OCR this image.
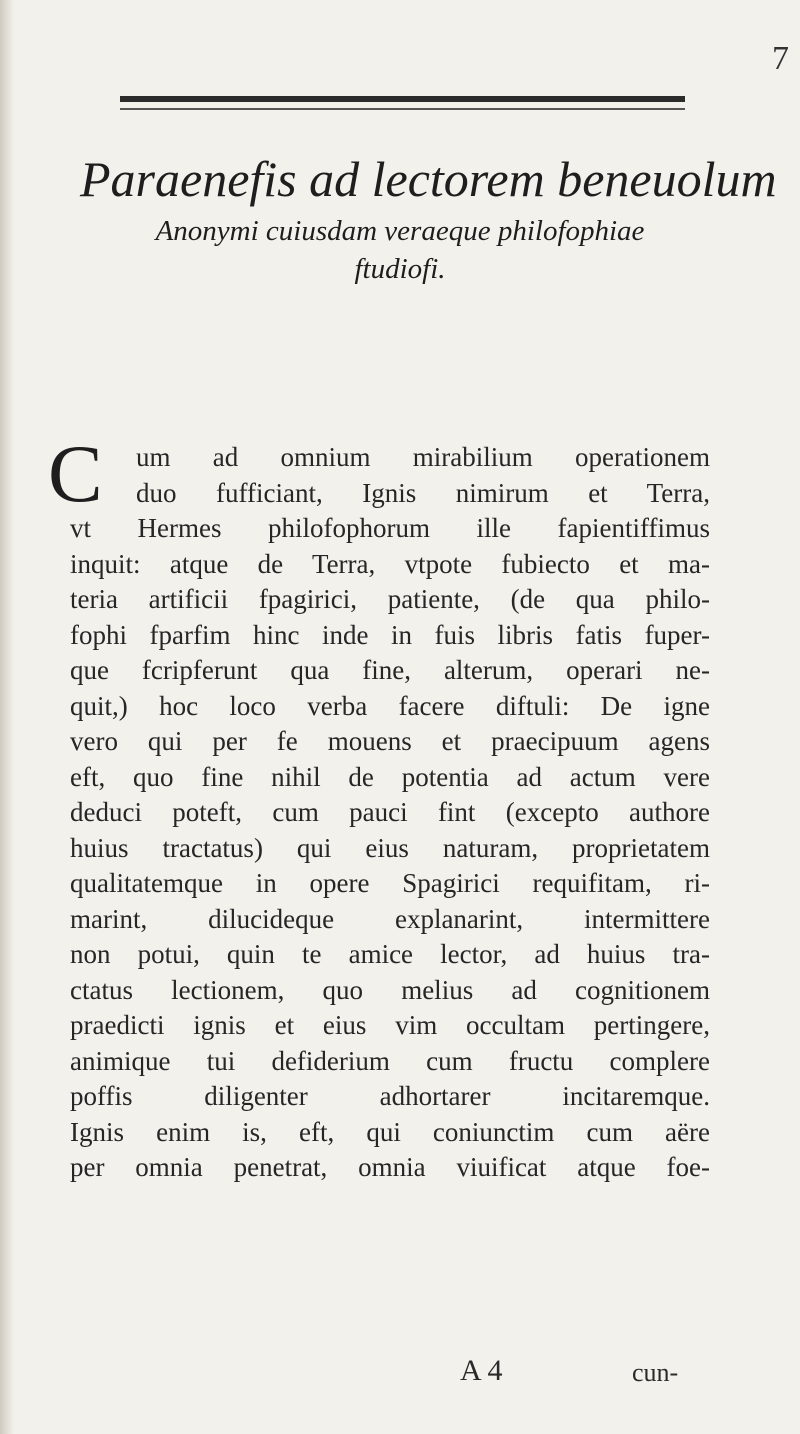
7
Paraenefis ad lectorem beneuolum
Anonymi cuiusdam veraeque philofophiae
ftudiofi.
C	um ad omnium mirabilium operationem
duo fufficiant, Ignis nimirum et Terra,
vt Hermes philofophorum ille fapientiffimus
inquit: atque de Terra, vtpote fubiecto et ma-
teria artificii fpagirici, patiente, (de qua philo-
fophi fparfim hinc inde in fuis libris fatis fuper-
que fcripferunt qua fine, alterum, operari ne-
quit,) hoc loco verba facere diftuli: De igne
vero qui per fe mouens et praecipuum agens
eft, quo fine nihil de potentia ad actum vere
deduci poteft, cum pauci fint (excepto authore
huius tractatus) qui eius naturam, proprietatem
qualitatemque in opere Spagirici requifitam, ri-
marint, dilucideque explanarint, intermittere
non potui, quin te amice lector, ad huius tra-
ctatus lectionem, quo melius ad cognitionem
praedicti ignis et eius vim occultam pertingere,
animique tui defiderium cum fructu complere
poffis diligenter adhortarer incitaremque.
Ignis enim is, eft, qui coniunctim cum aëre
per omnia penetrat, omnia viuificat atque foe-
A 4	cun-
